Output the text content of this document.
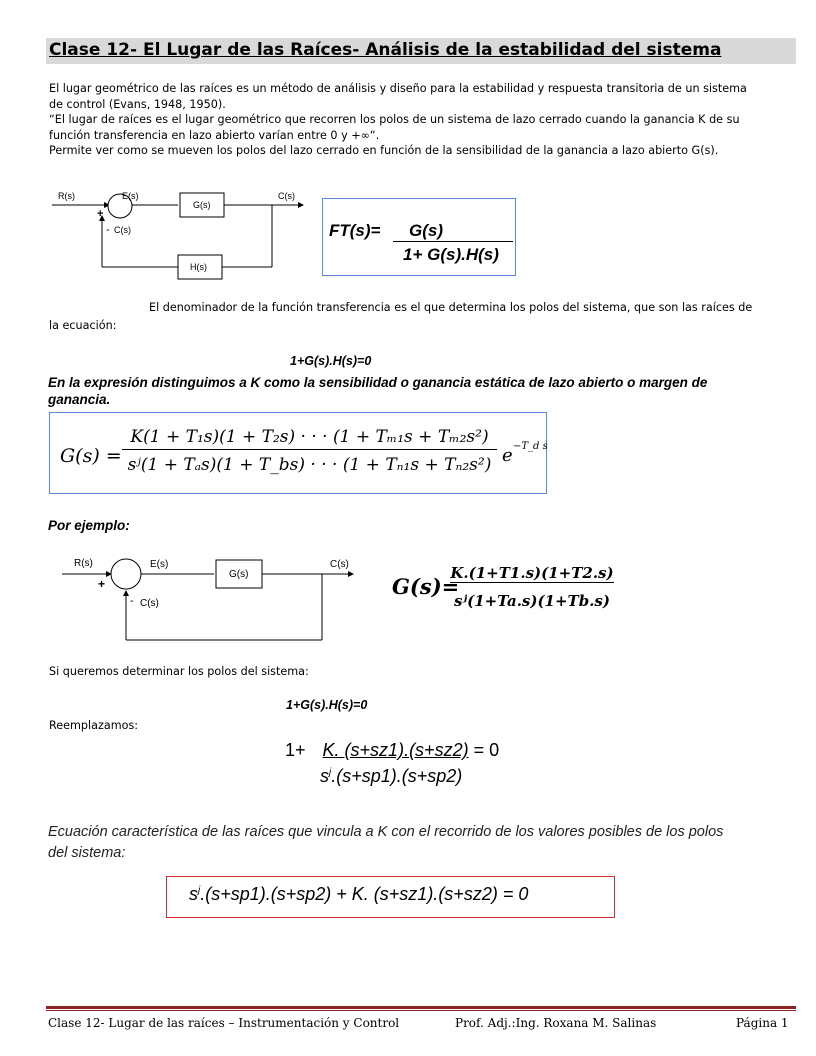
Clase 12- El Lugar de las Raíces- Análisis de la estabilidad del sistema
El lugar geométrico de las raíces es un método de análisis y diseño para la estabilidad y respuesta transitoria de un sistema
de control (Evans, 1948, 1950).
“El lugar de raíces es el lugar geométrico que recorren los polos de un sistema de lazo cerrado cuando la ganancia K de su
función transferencia en lazo abierto varían entre 0 y +∞“.
Permite ver como se mueven los polos del lazo cerrado en función de la sensibilidad de la ganancia a lazo abierto G(s).
R(s)	E(s)
G(s)
C(s)
H(s)
C(s)
+
-	FT(s)=	G(s)
1+ G(s).H(s)
El denominador de la función transferencia es el que determina los polos del sistema, que son las raíces de
la ecuación:
1+G(s).H(s)=0
En la expresión distinguimos a K como la sensibilidad o ganancia estática de lazo abierto o margen de
ganancia.
G(s) =
K(1 + T₁s)(1 + T₂s) · · · (1 + Tₘ₁s + Tₘ₂s²)
sʲ(1 + Tₐs)(1 + T_bs) · · · (1 + Tₙ₁s + Tₙ₂s²) e −T_d s
Por ejemplo:
R(s)	E(s)
G(s)
C(s)
C(s)
+
-
G(s)=
K.(1+T1.s)(1+T2.s)
sʲ(1+Ta.s)(1+Tb.s)
Si queremos determinar los polos del sistema:
1+G(s).H(s)=0
Reemplazamos:
1+ K. (s+sz1).(s+sz2) = 0
$s^j.(s+sp1).(s+sp2)$
Ecuación característica de las raíces que vincula a K con el recorrido de los valores posibles de los polos
del sistema:
$s^j.(s+sp1).(s+sp2) + K$. (s+sz1).(s+sz2) = 0
Clase 12- Lugar de las raíces – Instrumentación y Control	Prof. Adj.:Ing. Roxana M. Salinas	Página 1
